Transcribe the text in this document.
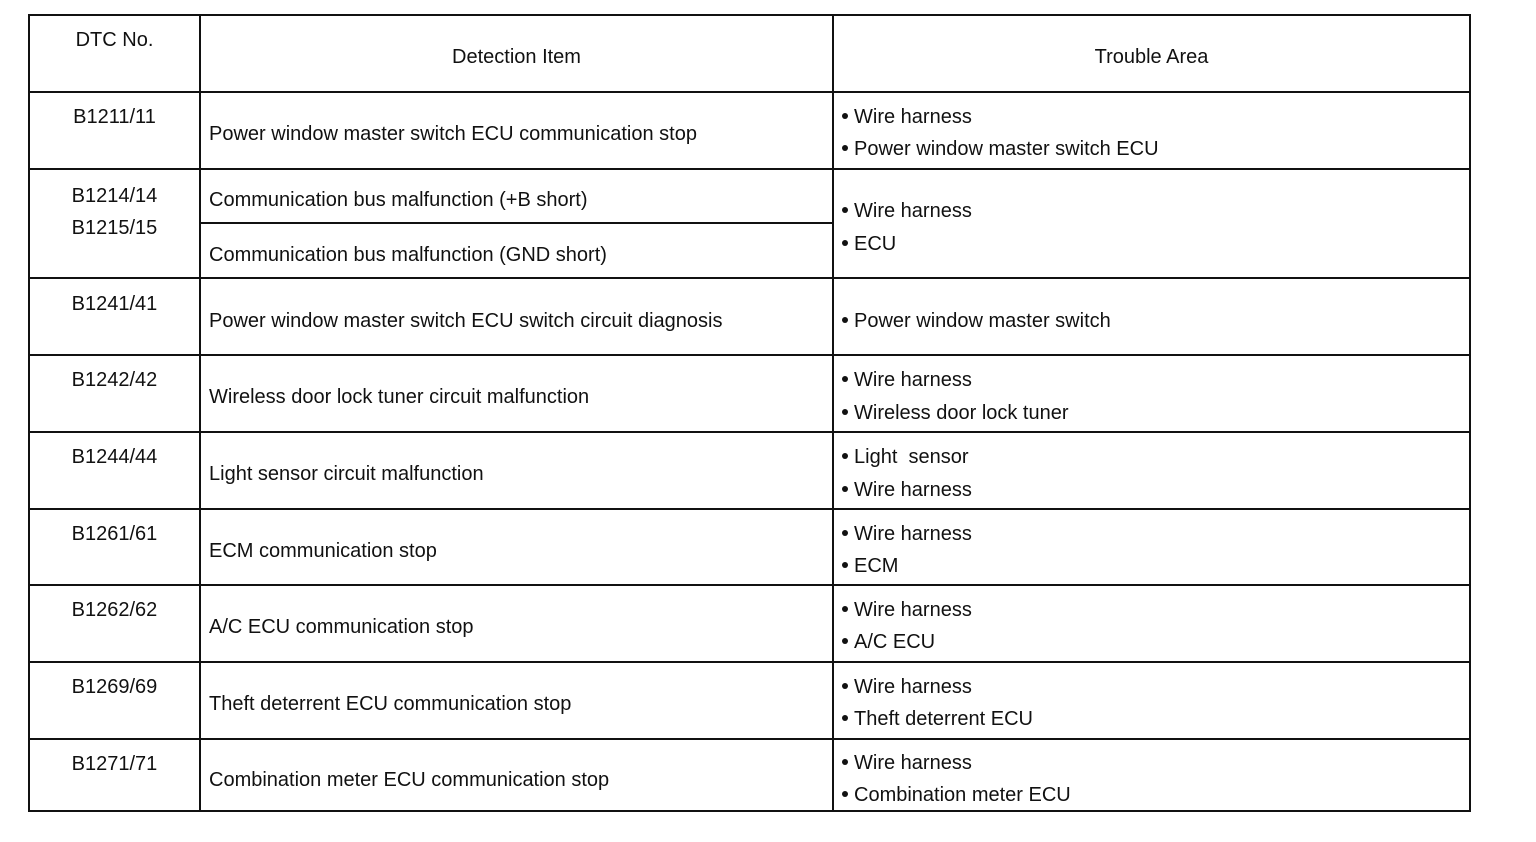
DTC No.
Detection Item	Trouble Area
B1211/11
Power window master switch ECU communication stop
Wire harness
Power window master switch ECU
B1214/14
B1215/15
Communication bus malfunction (+B short)
Communication bus malfunction (GND short)
Wire harness
ECU
B1241/41
Power window master switch ECU switch circuit diagnosis	Power window master switch
B1242/42
Wireless door lock tuner circuit malfunction
Wire harness
Wireless door lock tuner
B1244/44
Light sensor circuit malfunction
Light  sensor
Wire harness
B1261/61
ECM communication stop
Wire harness
ECM
B1262/62
A/C ECU communication stop
Wire harness
A/C ECU
B1269/69
Theft deterrent ECU communication stop
Wire harness
Theft deterrent ECU
B1271/71
Combination meter ECU communication stop
Wire harness
Combination meter ECU
